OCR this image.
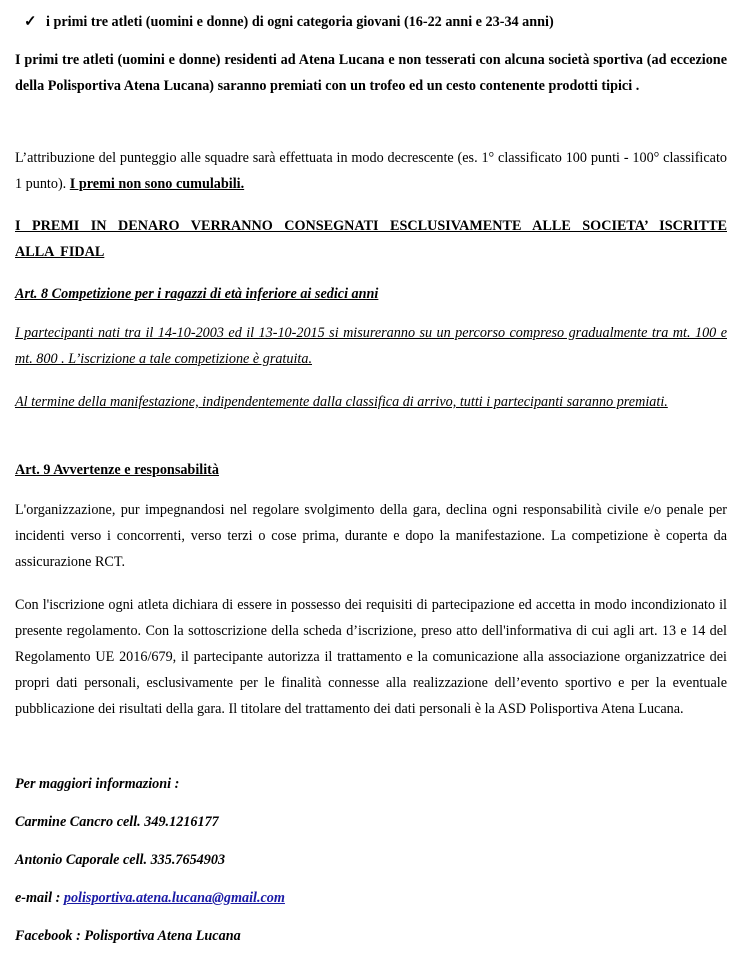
✓ i primi tre atleti (uomini e donne) di ogni categoria giovani (16-22 anni e 23-34 anni)

I primi tre atleti (uomini e donne) residenti ad Atena Lucana e non tesserati con alcuna società sportiva (ad eccezione della Polisportiva Atena Lucana) saranno premiati con un trofeo ed un cesto contenente prodotti tipici .

L’attribuzione del punteggio alle squadre sarà effettuata in modo decrescente (es. 1° classificato 100 punti - 100° classificato 1 punto). I premi non sono cumulabili.

I PREMI IN DENARO VERRANNO CONSEGNATI ESCLUSIVAMENTE ALLE SOCIETA’ ISCRITTE ALLA FIDAL

Art. 8 Competizione per i ragazzi di età inferiore ai sedici anni

I partecipanti nati tra il 14-10-2003 ed il 13-10-2015 si misureranno su un percorso compreso gradualmente tra mt. 100 e mt. 800 . L’iscrizione a tale competizione è gratuita.

Al termine della manifestazione, indipendentemente dalla classifica di arrivo, tutti i partecipanti saranno premiati.

Art. 9 Avvertenze e responsabilità

L'organizzazione, pur impegnandosi nel regolare svolgimento della gara, declina ogni responsabilità civile e/o penale per incidenti verso i concorrenti, verso terzi o cose prima, durante e dopo la manifestazione. La competizione è coperta da assicurazione RCT.

Con l'iscrizione ogni atleta dichiara di essere in possesso dei requisiti di partecipazione ed accetta in modo incondizionato il presente regolamento. Con la sottoscrizione della scheda d’iscrizione, preso atto dell'informativa di cui agli art. 13 e 14 del Regolamento UE 2016/679, il partecipante autorizza il trattamento e la comunicazione alla associazione organizzatrice dei propri dati personali, esclusivamente per le finalità connesse alla realizzazione dell’evento sportivo e per la eventuale pubblicazione dei risultati della gara. Il titolare del trattamento dei dati personali è la ASD Polisportiva Atena Lucana.

Per maggiori informazioni :
Carmine Cancro cell. 349.1216177
Antonio Caporale cell. 335.7654903
e-mail : polisportiva.atena.lucana@gmail.com
Facebook : Polisportiva Atena Lucana
